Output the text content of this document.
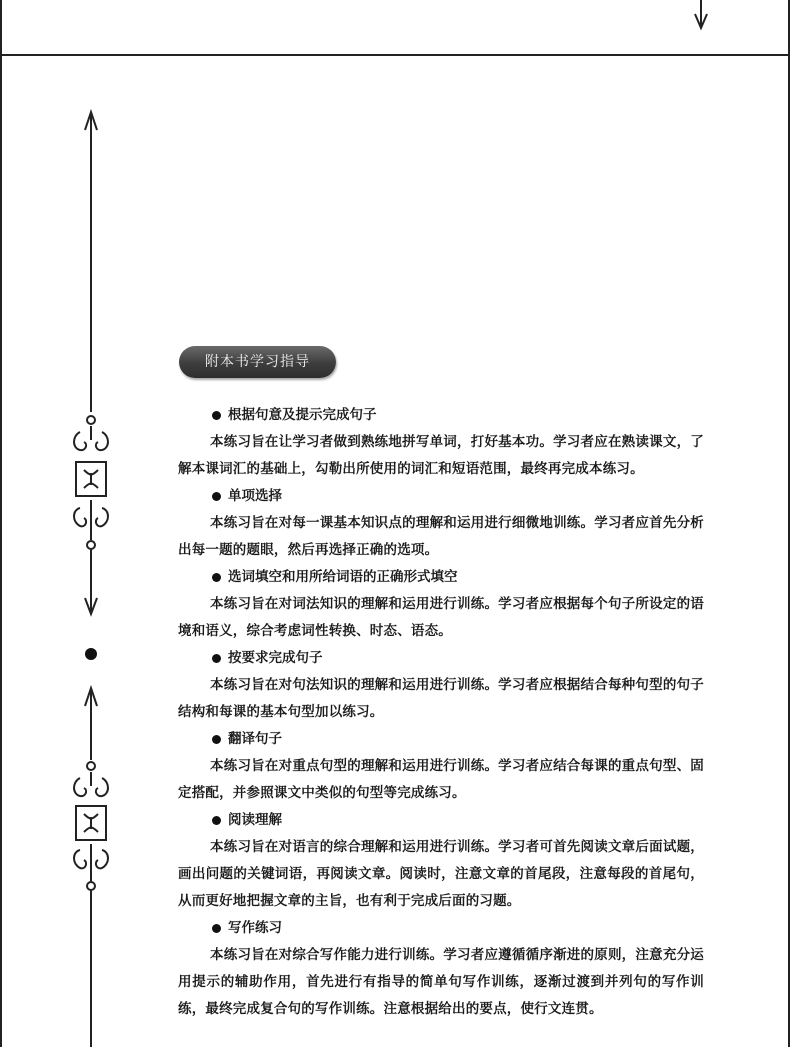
附本书学习指导
根据句意及提示完成句子

本练习旨在让学习者做到熟练地拼写单词，打好基本功。学习者应在熟读课文，了解本课词汇的基础上，勾勒出所使用的词汇和短语范围，最终再完成本练习。

单项选择

本练习旨在对每一课基本知识点的理解和运用进行细微地训练。学习者应首先分析出每一题的题眼，然后再选择正确的选项。

选词填空和用所给词语的正确形式填空

本练习旨在对词法知识的理解和运用进行训练。学习者应根据每个句子所设定的语境和语义，综合考虑词性转换、时态、语态。

按要求完成句子

本练习旨在对句法知识的理解和运用进行训练。学习者应根据结合每种句型的句子结构和每课的基本句型加以练习。

翻译句子

本练习旨在对重点句型的理解和运用进行训练。学习者应结合每课的重点句型、固定搭配，并参照课文中类似的句型等完成练习。

阅读理解

本练习旨在对语言的综合理解和运用进行训练。学习者可首先阅读文章后面试题，画出问题的关键词语，再阅读文章。阅读时，注意文章的首尾段，注意每段的首尾句，从而更好地把握文章的主旨，也有利于完成后面的习题。

写作练习

本练习旨在对综合写作能力进行训练。学习者应遵循循序渐进的原则，注意充分运用提示的辅助作用，首先进行有指导的简单句写作训练，逐渐过渡到并列句的写作训练，最终完成复合句的写作训练。注意根据给出的要点，使行文连贯。
